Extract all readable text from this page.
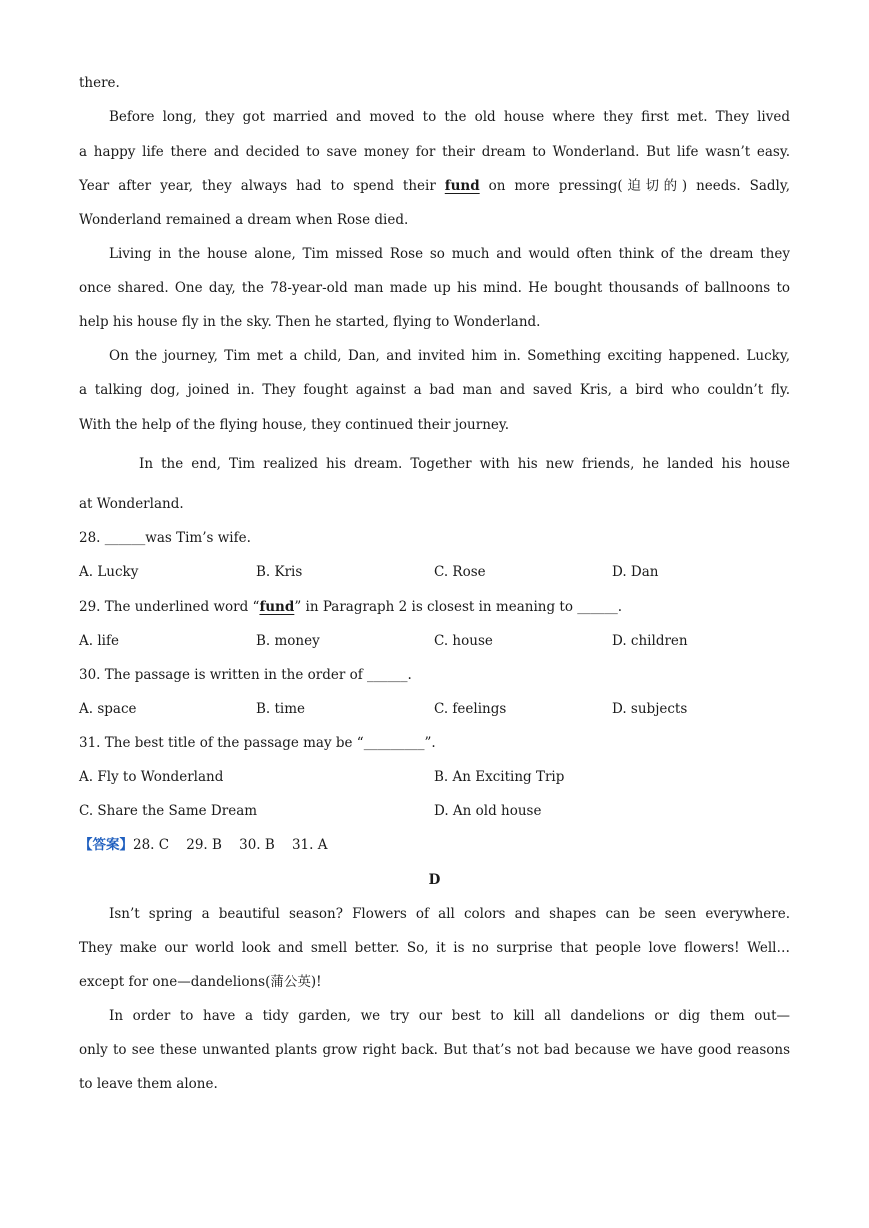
there.
Before long, they got married and moved to the old house where they first met. They lived
a happy life there and decided to save money for their dream to Wonderland. But life wasn’t easy.
Year after year, they always had to spend their fund on more pressing(迫切的) needs. Sadly,
Wonderland remained a dream when Rose died.
Living in the house alone, Tim missed Rose so much and would often think of the dream they
once shared. One day, the 78-year-old man made up his mind. He bought thousands of ballnoons to
help his house fly in the sky. Then he started, flying to Wonderland.
On the journey, Tim met a child, Dan, and invited him in. Something exciting happened. Lucky,
a talking dog, joined in. They fought against a bad man and saved Kris, a bird who couldn’t fly.
With the help of the flying house, they continued their journey.
In the end, Tim realized his dream. Together with his new friends, he landed his house
at Wonderland.
28. ______was Tim’s wife.
A. Lucky	B. Kris	C. Rose	D. Dan
29. The underlined word “fund” in Paragraph 2 is closest in meaning to ______.
A. life	B. money	C. house	D. children
30. The passage is written in the order of ______.
A. space	B. time	C. feelings	D. subjects
31. The best title of the passage may be “_________”.
A. Fly to Wonderland	B. An Exciting Trip
C. Share the Same Dream	D. An old house
【答案】28. C    29. B    30. B    31. A
D
Isn’t spring a beautiful season? Flowers of all colors and shapes can be seen everywhere.
They make our world look and smell better. So, it is no surprise that people love flowers! Well…
except for one—dandelions(蒲公英)!
In order to have a tidy garden, we try our best to kill all dandelions or dig them out—
only to see these unwanted plants grow right back. But that’s not bad because we have good reasons
to leave them alone.
